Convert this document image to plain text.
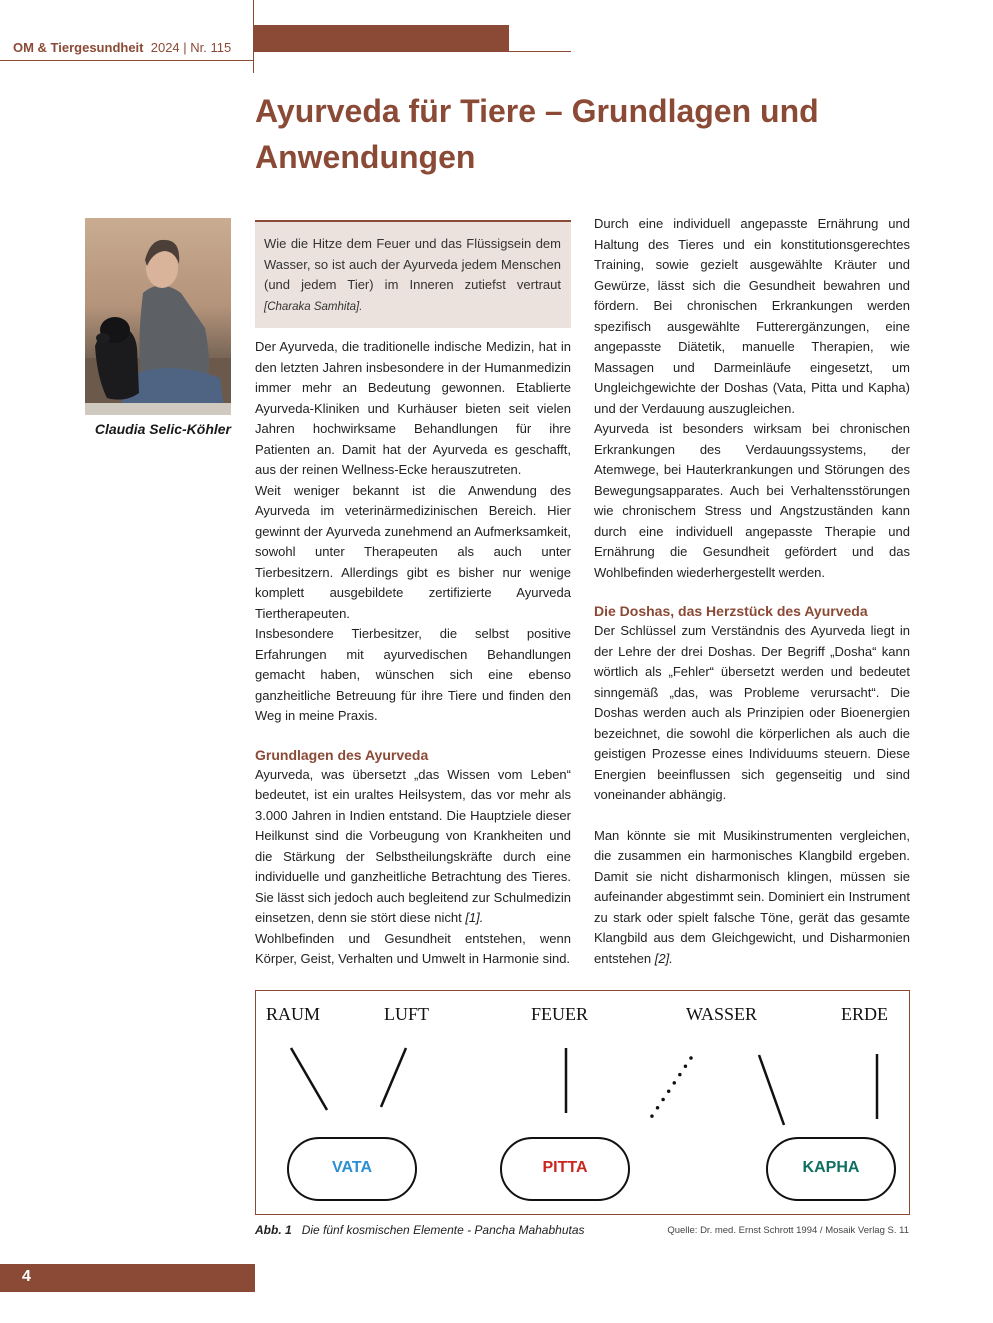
OM & Tiergesundheit 2024 | Nr. 115
Ayurveda für Tiere – Grundlagen und Anwendungen
Claudia Selic-Köhler
Wie die Hitze dem Feuer und das Flüssigsein dem Wasser, so ist auch der Ayurveda jedem Menschen (und jedem Tier) im Inneren zutiefst vertraut [Charaka Samhita].

Der Ayurveda, die traditionelle indische Medizin, hat in den letzten Jahren insbesondere in der Humanmedizin immer mehr an Bedeutung gewonnen. Etablierte Ayurveda-Kliniken und Kurhäuser bieten seit vielen Jahren hochwirksame Behandlungen für ihre Patienten an. Damit hat der Ayurveda es geschafft, aus der reinen Wellness-Ecke herauszutreten.

Weit weniger bekannt ist die Anwendung des Ayurveda im veterinärmedizinischen Bereich. Hier gewinnt der Ayurveda zunehmend an Aufmerksamkeit, sowohl unter Therapeuten als auch unter Tierbesitzern. Allerdings gibt es bisher nur wenige komplett ausgebildete zertifizierte Ayurveda Tiertherapeuten.

Insbesondere Tierbesitzer, die selbst positive Erfahrungen mit ayurvedischen Behandlungen gemacht haben, wünschen sich eine ebenso ganzheitliche Betreuung für ihre Tiere und finden den Weg in meine Praxis.

Grundlagen des Ayurveda

Ayurveda, was übersetzt „das Wissen vom Leben“ bedeutet, ist ein uraltes Heilsystem, das vor mehr als 3.000 Jahren in Indien entstand. Die Hauptziele dieser Heilkunst sind die Vorbeugung von Krankheiten und die Stärkung der Selbstheilungskräfte durch eine individuelle und ganzheitliche Betrachtung des Tieres. Sie lässt sich jedoch auch begleitend zur Schulmedizin einsetzen, denn sie stört diese nicht [1].

Wohlbefinden und Gesundheit entstehen, wenn Körper, Geist, Verhalten und Umwelt in Harmonie sind.

Durch eine individuell angepasste Ernährung und Haltung des Tieres und ein konstitutionsgerechtes Training, sowie gezielt ausgewählte Kräuter und Gewürze, lässt sich die Gesundheit bewahren und fördern. Bei chronischen Erkrankungen werden spezifisch ausgewählte Futterergänzungen, eine angepasste Diätetik, manuelle Therapien, wie Massagen und Darmeinläufe eingesetzt, um Ungleichgewichte der Doshas (Vata, Pitta und Kapha) und der Verdauung auszugleichen.

Ayurveda ist besonders wirksam bei chronischen Erkrankungen des Verdauungssystems, der Atemwege, bei Hauterkrankungen und Störungen des Bewegungsapparates. Auch bei Verhaltensstörungen wie chronischem Stress und Angstzuständen kann durch eine individuell angepasste Therapie und Ernährung die Gesundheit gefördert und das Wohlbefinden wiederhergestellt werden.

Die Doshas, das Herzstück des Ayurveda

Der Schlüssel zum Verständnis des Ayurveda liegt in der Lehre der drei Doshas. Der Begriff „Dosha“ kann wörtlich als „Fehler“ übersetzt werden und bedeutet sinngemäß „das, was Probleme verursacht“. Die Doshas werden auch als Prinzipien oder Bioenergien bezeichnet, die sowohl die körperlichen als auch die geistigen Prozesse eines Individuums steuern. Diese Energien beeinflussen sich gegenseitig und sind voneinander abhängig.

Man könnte sie mit Musikinstrumenten vergleichen, die zusammen ein harmonisches Klangbild ergeben. Damit sie nicht disharmonisch klingen, müssen sie aufeinander abgestimmt sein. Dominiert ein Instrument zu stark oder spielt falsche Töne, gerät das gesamte Klangbild aus dem Gleichgewicht, und Disharmonien entstehen [2].

RAUM	LUFT	FEUER	WASSER	ERDE
VATA	PITTA	KAPHA
Abb. 1 Die fünf kosmischen Elemente - Pancha Mahabhutas	Quelle: Dr. med. Ernst Schrott 1994 / Mosaik Verlag S. 11
4
